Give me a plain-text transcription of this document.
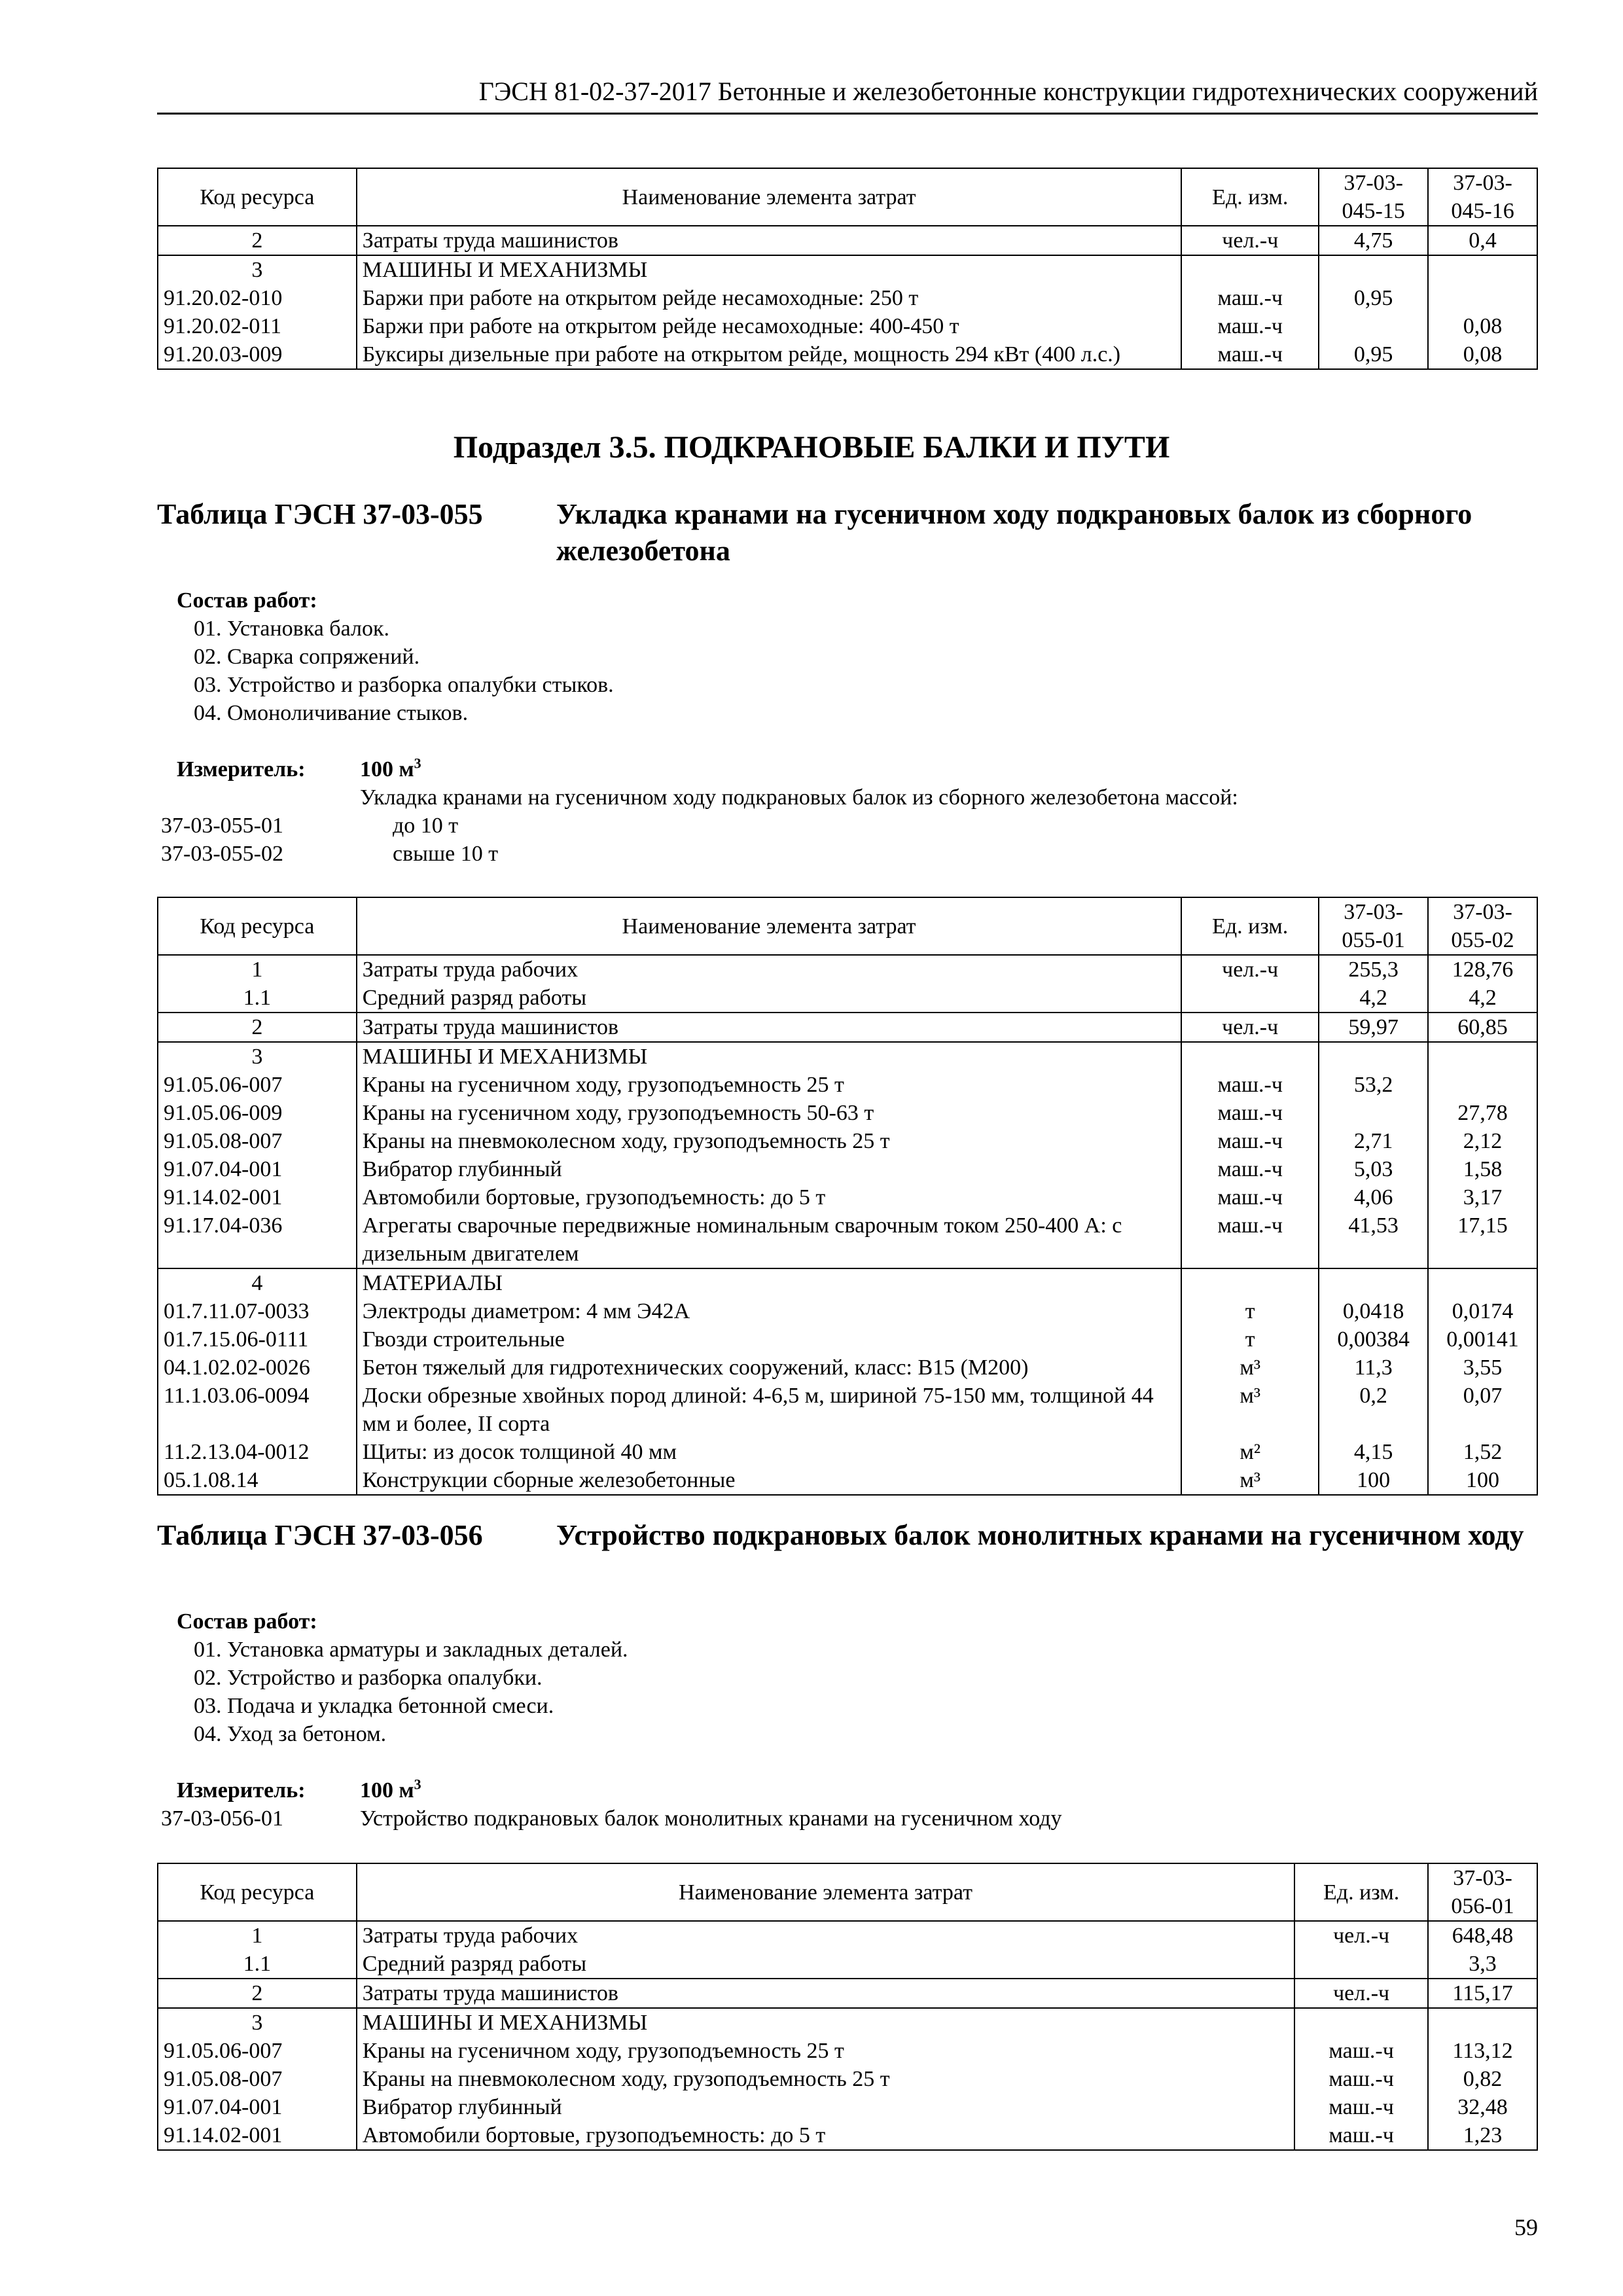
ГЭСН 81-02-37-2017 Бетонные и железобетонные конструкции гидротехнических сооружений
Код ресурса	Наименование элемента затрат	Ед. изм.	37-03-045-15	37-03-045-16
2	Затраты труда машинистов	чел.-ч	4,75	0,4
3	МАШИНЫ И МЕХАНИЗМЫ			
91.20.02-010	Баржи при работе на открытом рейде несамоходные: 250 т	маш.-ч	0,95	
91.20.02-011	Баржи при работе на открытом рейде несамоходные: 400-450 т	маш.-ч		0,08
91.20.03-009	Буксиры дизельные при работе на открытом рейде, мощность 294 кВт (400 л.с.)	маш.-ч	0,95	0,08
Подраздел 3.5. ПОДКРАНОВЫЕ БАЛКИ И ПУТИ
Таблица ГЭСН 37-03-055	Укладка кранами на гусеничном ходу подкрановых балок из сборного железобетона
Состав работ:
01. Установка балок.
02. Сварка сопряжений.
03. Устройство и разборка опалубки стыков.
04. Омоноличивание стыков.
Измеритель: 100 $м^3$
Укладка кранами на гусеничном ходу подкрановых балок из сборного железобетона массой:
37-03-055-01	до 10 т
37-03-055-02	свыше 10 т
Код ресурса	Наименование элемента затрат	Ед. изм.	37-03-055-01	37-03-055-02
1	Затраты труда рабочих	чел.-ч	255,3	128,76
1.1	Средний разряд работы		4,2	4,2
2	Затраты труда машинистов	чел.-ч	59,97	60,85
3	МАШИНЫ И МЕХАНИЗМЫ			
91.05.06-007	Краны на гусеничном ходу, грузоподъемность 25 т	маш.-ч	53,2	
91.05.06-009	Краны на гусеничном ходу, грузоподъемность 50-63 т	маш.-ч		27,78
91.05.08-007	Краны на пневмоколесном ходу, грузоподъемность 25 т	маш.-ч	2,71	2,12
91.07.04-001	Вибратор глубинный	маш.-ч	5,03	1,58
91.14.02-001	Автомобили бортовые, грузоподъемность: до 5 т	маш.-ч	4,06	3,17
91.17.04-036	Агрегаты сварочные передвижные номинальным сварочным током 250-400 А: с дизельным двигателем	маш.-ч	41,53	17,15
4	МАТЕРИАЛЫ			
01.7.11.07-0033	Электроды диаметром: 4 мм Э42А	т	0,0418	0,0174
01.7.15.06-0111	Гвозди строительные	т	0,00384	0,00141
04.1.02.02-0026	Бетон тяжелый для гидротехнических сооружений, класс: В15 (М200)	м³	11,3	3,55
11.1.03.06-0094	Доски обрезные хвойных пород длиной: 4-6,5 м, шириной 75-150 мм, толщиной 44 мм и более, II сорта	м³	0,2	0,07
11.2.13.04-0012	Щиты: из досок толщиной 40 мм	м²	4,15	1,52
05.1.08.14	Конструкции сборные железобетонные	м³	100	100
Таблица ГЭСН 37-03-056	Устройство подкрановых балок монолитных кранами на гусеничном ходу
Состав работ:
01. Установка арматуры и закладных деталей.
02. Устройство и разборка опалубки.
03. Подача и укладка бетонной смеси.
04. Уход за бетоном.
Измеритель: 100 $м^3$
37-03-056-01	Устройство подкрановых балок монолитных кранами на гусеничном ходу
Код ресурса	Наименование элемента затрат	Ед. изм.	37-03-056-01
1	Затраты труда рабочих	чел.-ч	648,48
1.1	Средний разряд работы		3,3
2	Затраты труда машинистов	чел.-ч	115,17
3	МАШИНЫ И МЕХАНИЗМЫ		
91.05.06-007	Краны на гусеничном ходу, грузоподъемность 25 т	маш.-ч	113,12
91.05.08-007	Краны на пневмоколесном ходу, грузоподъемность 25 т	маш.-ч	0,82
91.07.04-001	Вибратор глубинный	маш.-ч	32,48
91.14.02-001	Автомобили бортовые, грузоподъемность: до 5 т	маш.-ч	1,23
59
